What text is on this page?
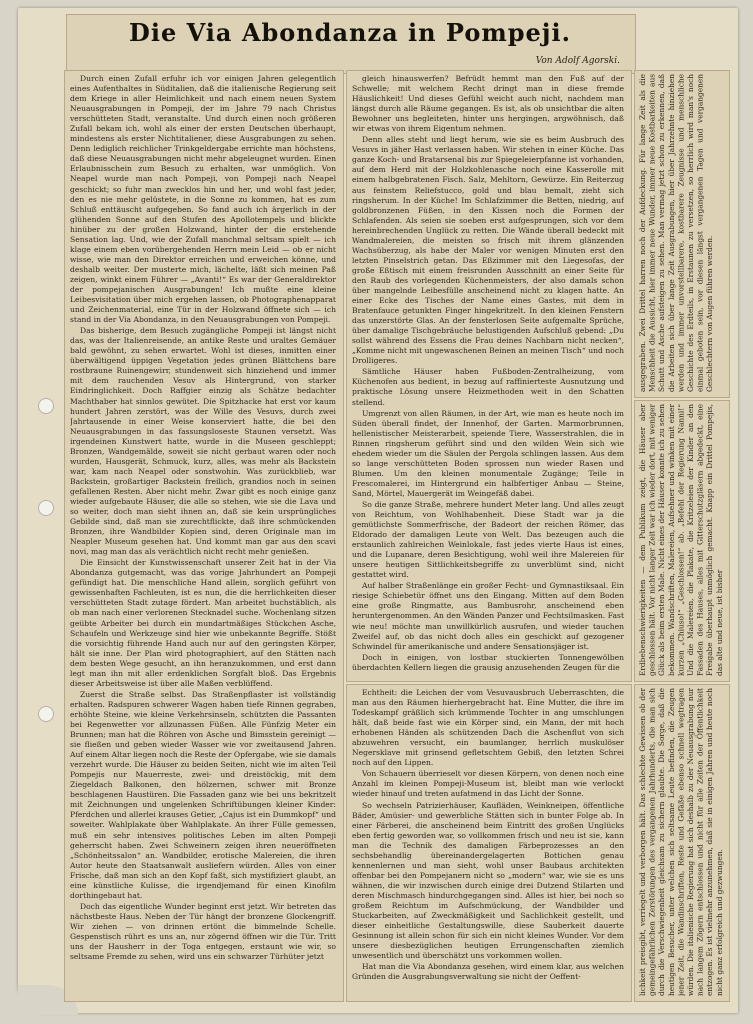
Die Via Abondanza in Pompeji.
Von Adolf Agorski.

Durch einen Zufall erfuhr ich vor einigen Jahren gelegentlich eines Aufenthaltes in Süditalien, daß die italienische Regierung seit dem Kriege in aller Heimlichkeit und nach einem neuen System Neuausgrabungen in Pompeji, der im Jahre 79 nach Christus verschütteten Stadt, veranstalte. Und durch einen noch größeren Zufall bekam ich, wohl als einer der ersten Deutschen überhaupt, mindestens als erster Nichtitaliener, diese Ausgrabungen zu sehen. Denn lediglich reichlicher Trinkgeldergabe errichte man höchstens, daß diese Neuausgrabungen nicht mehr abgeleugnet wurden. Einen Erlaubnisschein zum Besuch zu erhalten, war unmöglich. Von Neapel wurde man nach Pompeji, von Pompeji nach Neapel geschickt; so fuhr man zwecklos hin und her, und wohl fast jeder, den es nie mehr gelüstete, in die Sonne zu kommen, hat es zum Schluß enttäuscht aufgegeben. So fand auch ich ärgerlich in der glühenden Sonne auf den Stufen des Apollotempels und blickte hinüber zu der großen Holzwand, hinter der die erstehende Sensation lag. Und, wie der Zufall manchmal seltsam spielt — ich klage einem eben vorübergehenden Herrn mein Leid — ob er nicht wisse, wie man den Direktor erreichen und erweichen könne, und deshalb weiter. Der musterte mich, lächelte, läßt sich meinen Paß zeigen, winkt einem Führer — „Avanti!“ Es war der Generaldirektor der pompejanischen Ausgrabungen! Ich mußte eine kleine Leibesvisitation über mich ergehen lassen, ob Photographenapparat und Zeichenmaterial, eine Tür in der Holzwand öffnete sich — ich stand in der Via Abondanza, in den Neuausgrabungen von Pompeji.

Das bisherige, dem Besuch zugängliche Pompeji ist längst nicht das, was der Italienreisende, an antike Reste und uraltes Gemäuer bald gewöhnt, zu sehen erwartet. Wohl ist dieses, inmitten einer überwältigend üppigen Vegetation jedes grünen Blättchens bare rostbraune Ruinengewirr, stundenweit sich hinziehend und immer mit dem rauchenden Vesuv als Hintergrund, von starker Eindringlichkeit. Doch Raffgier einzig als Schätze bedachter Machthaber hat sinnlos gewütet. Die Spitzhacke hat erst vor kaum hundert Jahren zerstört, was der Wille des Vesuvs, durch zwei Jahrtausende in einer Weise konserviert hatte, die bei den Neuausgrabungen in das fassungsloseste Staunen versetzt. Was irgendeinen Kunstwert hatte, wurde in die Museen geschleppt; Bronzen, Wandgemälde, soweit sie nicht gerbaut waren oder noch wurden, Hausgerät, Schmuck, kurz, alles, was mehr als Backstein war, kam nach Neapel oder sonstwohin. Was zurückblieb, war Backstein, großartiger Backstein freilich, grandios noch in seinen gefallenen Resten. Aber nicht mehr. Zwar gibt es noch einige ganz wieder aufgebaute Häuser, die alle so stehen, wie sie die Lava und so weiter, doch man sieht ihnen an, daß sie kein ursprüngliches Gebilde sind, daß man sie zurechtflickte, daß ihre schmückenden Bronzen, ihre Wandbilder Kopien sind, deren Originale man im Neapler Museum gesehen hat. Und kommt man gar aus den scavi novi, mag man das als verächtlich nicht recht mehr genießen.

Die Einsicht der Kunstwissenschaft unserer Zeit hat in der Via Abondanza gutgemacht, was das vorige Jahrhundert an Pompeji gefündigt hat. Die menschliche Hand allein, sorglich geführt von gewissenhaften Fachleuten, ist es nun, die die herrlichkeiten dieser verschütteten Stadt zutage fördert. Man arbeitet buchstäblich, als ob man nach einer verlorenen Stecknadel suche. Wochenlang sitzen geübte Arbeiter bei durch ein mundartmäßiges Stückchen Asche, Schaufeln und Werkzeuge sind hier wie unbekannte Begriffe. Stößt die vorsichtig führende Hand auch nur auf den geringsten Körper, hält sie inne. Der Plan wird photographiert, auf den Stätten nach dem besten Wege gesucht, an ihn heranzukommen, und erst dann legt man ihn mit aller erdenklichen Sorgfalt bloß. Das Ergebnis dieser Arbeitsweise ist über alle Maßen verblüffend.

Zuerst die Straße selbst. Das Straßenpflaster ist vollständig erhalten. Radspuren schwerer Wagen haben tiefe Rinnen gegraben, erhöhte Steine, wie kleine Verkehrsinseln, schützten die Passanten bei Regenwetter vor allzunassen Füßen. Alle Fünfzig Meter ein Brunnen; man hat die Röhren von Asche und Bimsstein gereinigt — sie fließen und geben wieder Wasser wie vor zweitausend Jahren. Auf einem Altar liegen noch die Reste der Opfergabe, wie sie damals verzehrt wurde. Die Häuser zu beiden Seiten, nicht wie im alten Teil Pompejis nur Mauerreste, zwei- und dreistöckig, mit dem Ziegeldach Balkonen, den hölzernen, schwer mit Bronze beschlagenen Haustüren. Die Fassaden ganz wie bei uns bekritzelt mit Zeichnungen und ungelenken Schriftübungen kleiner Kinder: Pferdchen und allerlei krauses Getier, „Cajus ist ein Dummkopf“ und soweiter. Wahlplakate über Wahlplakate. An ihrer Fülle gemessen, muß ein sehr intensives politisches Leben im alten Pompeji geherrscht haben. Zwei Schweinern zeigen ihren neueröffneten „Schönheitssalon“ an. Wandbilder, erotische Malereien, die ihren Autor heute den Staatsanwalt ausliefern würden. Alles von einer Frische, daß man sich an den Kopf faßt, sich mystifiziert glaubt, an eine künstliche Kulisse, die irgendjemand für einen Kinofilm dorthingebaut hat.

Doch das eigentliche Wunder beginnt erst jetzt. Wir betreten das nächstbeste Haus. Neben der Tür hängt der bronzene Glockengriff. Wir ziehen — von drinnen ertönt die bimmelnde Schelle. Gespenstisch rührt es uns an, nur zögernd öffnen wir die Tür. Tritt uns der Hausherr in der Toga entgegen, erstaunt wie wir, so seltsame Fremde zu sehen, wird uns ein schwarzer Türhüter jetzt

gleich hinauswerfen? Befrüdt hemmt man den Fuß auf der Schwelle; mit welchem Recht dringt man in diese fremde Häuslichkeit! Und dieses Gefühl weicht auch nicht, nachdem man längst durch alle Räume gegangen. Es ist, als ob unsichtbar die alten Bewohner uns begleiteten, hinter uns hergingen, argwöhnisch, daß wir etwas von ihrem Eigentum nehmen.

Denn alles steht und liegt herum, wie sie es beim Ausbruch des Vesuvs in jäher Hast verlassen haben. Wir stehen in einer Küche. Das ganze Koch- und Bratarsenal bis zur Spiegeleierpfanne ist vorhanden, auf dem Herd mit der Holzkohlenasche noch eine Kasserolle mit einem halbgebratenen Fisch. Salz, Mehltorn, Gewürze. Ein Reiterzug aus feinstem Reliefstucco, gold und blau bemalt, zieht sich ringsherum. In der Küche! Im Schlafzimmer die Betten, niedrig, auf goldbronzenen Füßen, in den Kissen noch die Formen der Schlafenden. Als seien sie soeben erst aufgesprungen, sich vor dem hereinbrechenden Unglück zu retten. Die Wände überall bedeckt mit Wandmalereien, die meisten so frisch mit ihrem glänzenden Wachsüberzug, als habe der Maler vor wenigen Minuten erst den letzten Pinselstrich getan. Das Eßzimmer mit den Liegesofas, der große Eßtisch mit einem freisrunden Ausschnitt an einer Seite für den Raub des vorlegenden Küchenmeisters, der also damals schon über mangelnde Leibesfülle anscheinend nicht zu klagen hatte. An einer Ecke des Tisches der Name eines Gastes, mit dem in Bratenfauce getunkten Finger hingekritzelt. In den kleinen Fenstern das unzerstörte Glas. An der fensterlosen Seite aufgemalte Sprüche, über damalige Tischgebräuche belustigenden Aufschluß gebend: „Du sollst während des Essens die Frau deines Nachbarn nicht necken“, „Komme nicht mit ungewaschenen Beinen an meinen Tisch“ und noch Drolligeres.

Sämtliche Häuser haben Fußboden-Zentralheizung, vom Küchenofen aus bedient, in bezug auf raffinierteste Ausnutzung und praktische Lösung unsere Heizmethoden weit in den Schatten stellend.

Umgrenzt von allen Räumen, in der Art, wie man es heute noch im Süden überall findet, der Innenhof, der Garten. Marmorbrunnen, hellenistischer Meisterarbeit, speiende Tiere, Wasserstrahlen, die in Rinnen ringsherum geführt sind und den wilden Wein sich wie ehedem wieder um die Säulen der Pergola schlingen lassen. Aus dem so lange verschütteten Boden sprossen nun wieder Rasen und Blumen. Um den kleinen monumentale Zugänge; Teile in Frescomalerei, im Hintergrund ein halbfertiger Anbau — Steine, Sand, Mörtel, Mauergerät im Weingefäß dabei.

So die ganze Straße, mehrere hundert Meter lang. Und alles zeugt von Reichtum, von Wohlhabenheit. Diese Stadt war ja die gemütlichste Sommerfrische, der Badeort der reichen Römer, das Eldorado der damaligen Leute von Welt. Das bezeugen auch die erstaunlich zahlreichen Weinlokale, fast jedes vierte Haus ist eines, und die Lupanare, deren Besichtigung, wohl weil ihre Malereien für unsere heutigen Sittlichkeitsbegriffe zu unverblümt sind, nicht gestattet wird.

Auf halber Straßenlänge ein großer Fecht- und Gymnastiksaal. Ein riesige Schiebetür öffnet uns den Eingang. Mitten auf dem Boden eine große Ringmatte, aus Bambusrohr, anscheinend eben heruntergenommen. An den Wänden Panzer und Fechtsilmasken. Fast wie neu! möchte man unwillkürlich ausrufen, und wieder tauchen Zweifel auf, ob das nicht doch alles ein geschickt auf gezogener Schwindel für amerikanische und andere Sensationsjäger ist.

Doch in einigen, von lostbar stuckierten Tonnengewölben überdachten Kellern liegen die grausig anzusehenden Zeugen für die

Echtheit: die Leichen der vom Vesuvausbruch Ueberraschten, die man aus den Räumen hierhergebracht hat. Eine Mutter, die ihre im Todeskampf gräßlich sich krümmende Tochter in ang umschlungen hält, daß beide fast wie ein Körper sind, ein Mann, der mit hoch erhobenen Händen als schützenden Dach die Aschenflut von sich abzuwehren versucht, ein baumlanger, herrlich muskulöser Negersklave mit grinsend gefletschtem Gebiß, den letzten Schrei noch auf den Lippen.

Von Schauern überrieselt vor diesen Körpern, von denen noch eine Anzahl im kleinen Pompeji-Museum ist, bleibt man wie verlockt wieder hinauf und treten aufatmend in das Licht der Sonne.

So wechseln Patrizierhäuser, Kaufläden, Weinkneipen, öffentliche Bäder, Amüsier- und gewerbliche Stätten sich in bunter Folge ab. In einer Färberei, die anscheinend beim Eintritt des großen Unglücks eben fertig geworden war, so vollkommen frisch und neu ist sie, kann man die Technik des damaligen Färbeprozesses an den sechsbehandlig übereinandergelagerten Bottichen genau kennenlernen und man sieht, wohl unser Baubaus architekten offenbar bei den Pompejanern nicht so „modern“ war, wie sie es uns wähnen, die wir inzwischen durch einige drei Dutzend Stilarten und deren Mischmasch hindurchgegangen sind. Alles ist hier, bei noch so großem Reichtum im Aufschmückung, der Wandbilder und Stuckarbeiten, auf Zweckmäßigkeit und Sachlichkeit gestellt, und dieser einheitliche Gestaltungswille, diese Sauberkeit dauerte Gesinnung ist allein schon für sich ein nicht kleines Wunder. Vor dem unsere diesbezüglichen heutigen Errungenschaften ziemlich unwesentlich und überschätzt uns vorkommen wollen.

Hat man die Via Abondanza gesehen, wird einem klar, aus welchen Gründen die Ausgrabungsverwaltung sie nicht der Oeffent-	lichkeit preisgibt, verriegelt und verborgen hält. Das schlechte Gewissen ob der gemeingefährlichen Zerstörungen des vergangenen Jahrhunderts, die man sich durch die Verschwiegenheit gleichsam zu sichern glaubte. Die Sorge, daß die heutigen Besucher, unter welchen sich seltsame Leute befinden, die Zeugen jener Zeit, die Wandinschriften, Reste und Gefäße ebenso schnell wegtragen würden. Die italienische Regierung hat sich deshalb zu der Neuausgrabung nur nach langem Zögern entschlossen und nicht für alle Zeiten der Öffentlichkeit entzogen. Es ist vielmehr anzunehmen, daß sie in einigen Jahren und heute noch nicht ganz erfolgreich und gezwungen.
Erdbebenschwierigkeiten — dem Publikum zeigt, die Häuser aber geschlossen hält. Vor nicht langer Zeit war ich wieder dort, mit weniger Glück als beim ersten Male. Nicht eines der Häuser konnte ich zu sehen bekommen. Wandschriften, Malereien, Aufsehner und winken mit einer kurzen „Chiuso!“ „Geschlossen!“ ab. „Befehl der Regierung Nanni!“ Und die Malereien, die Plakate, die Kritzeleien der Kinder an den Fassaden des Hauses, alles mit Gitterschutzgläsern abgedeckt, eine Freigabe überhaupt unmöglich gemacht. Knapp ein Drittel Pompejis, das alte und neue, ist bisher
ausgegraben. Zwei Drittel harren noch der Aufdeckung. Für lange Zeit als die Menschheit die Aussicht, hier immer neue Wunder, immer neue Kostbarkeiten aus Schutt und Asche aufsteigen zu sehen. Man vermag jetzt schon zu erkennen, daß die Arbeiten sich über lange Zeit Ausgrabungen, hier über Jahrzehnte hinziehen werden und immer unvorstellbarere, kostbarere Zeugnisse und menschliche Geschichte des Erdteils, in Erstaunen zu versetzen, so herrlich wird man's noch einmal geboten sein, vor diesen längst vergangenen Tagen und vergangenen Geschlechtern von Augen führen werden.
